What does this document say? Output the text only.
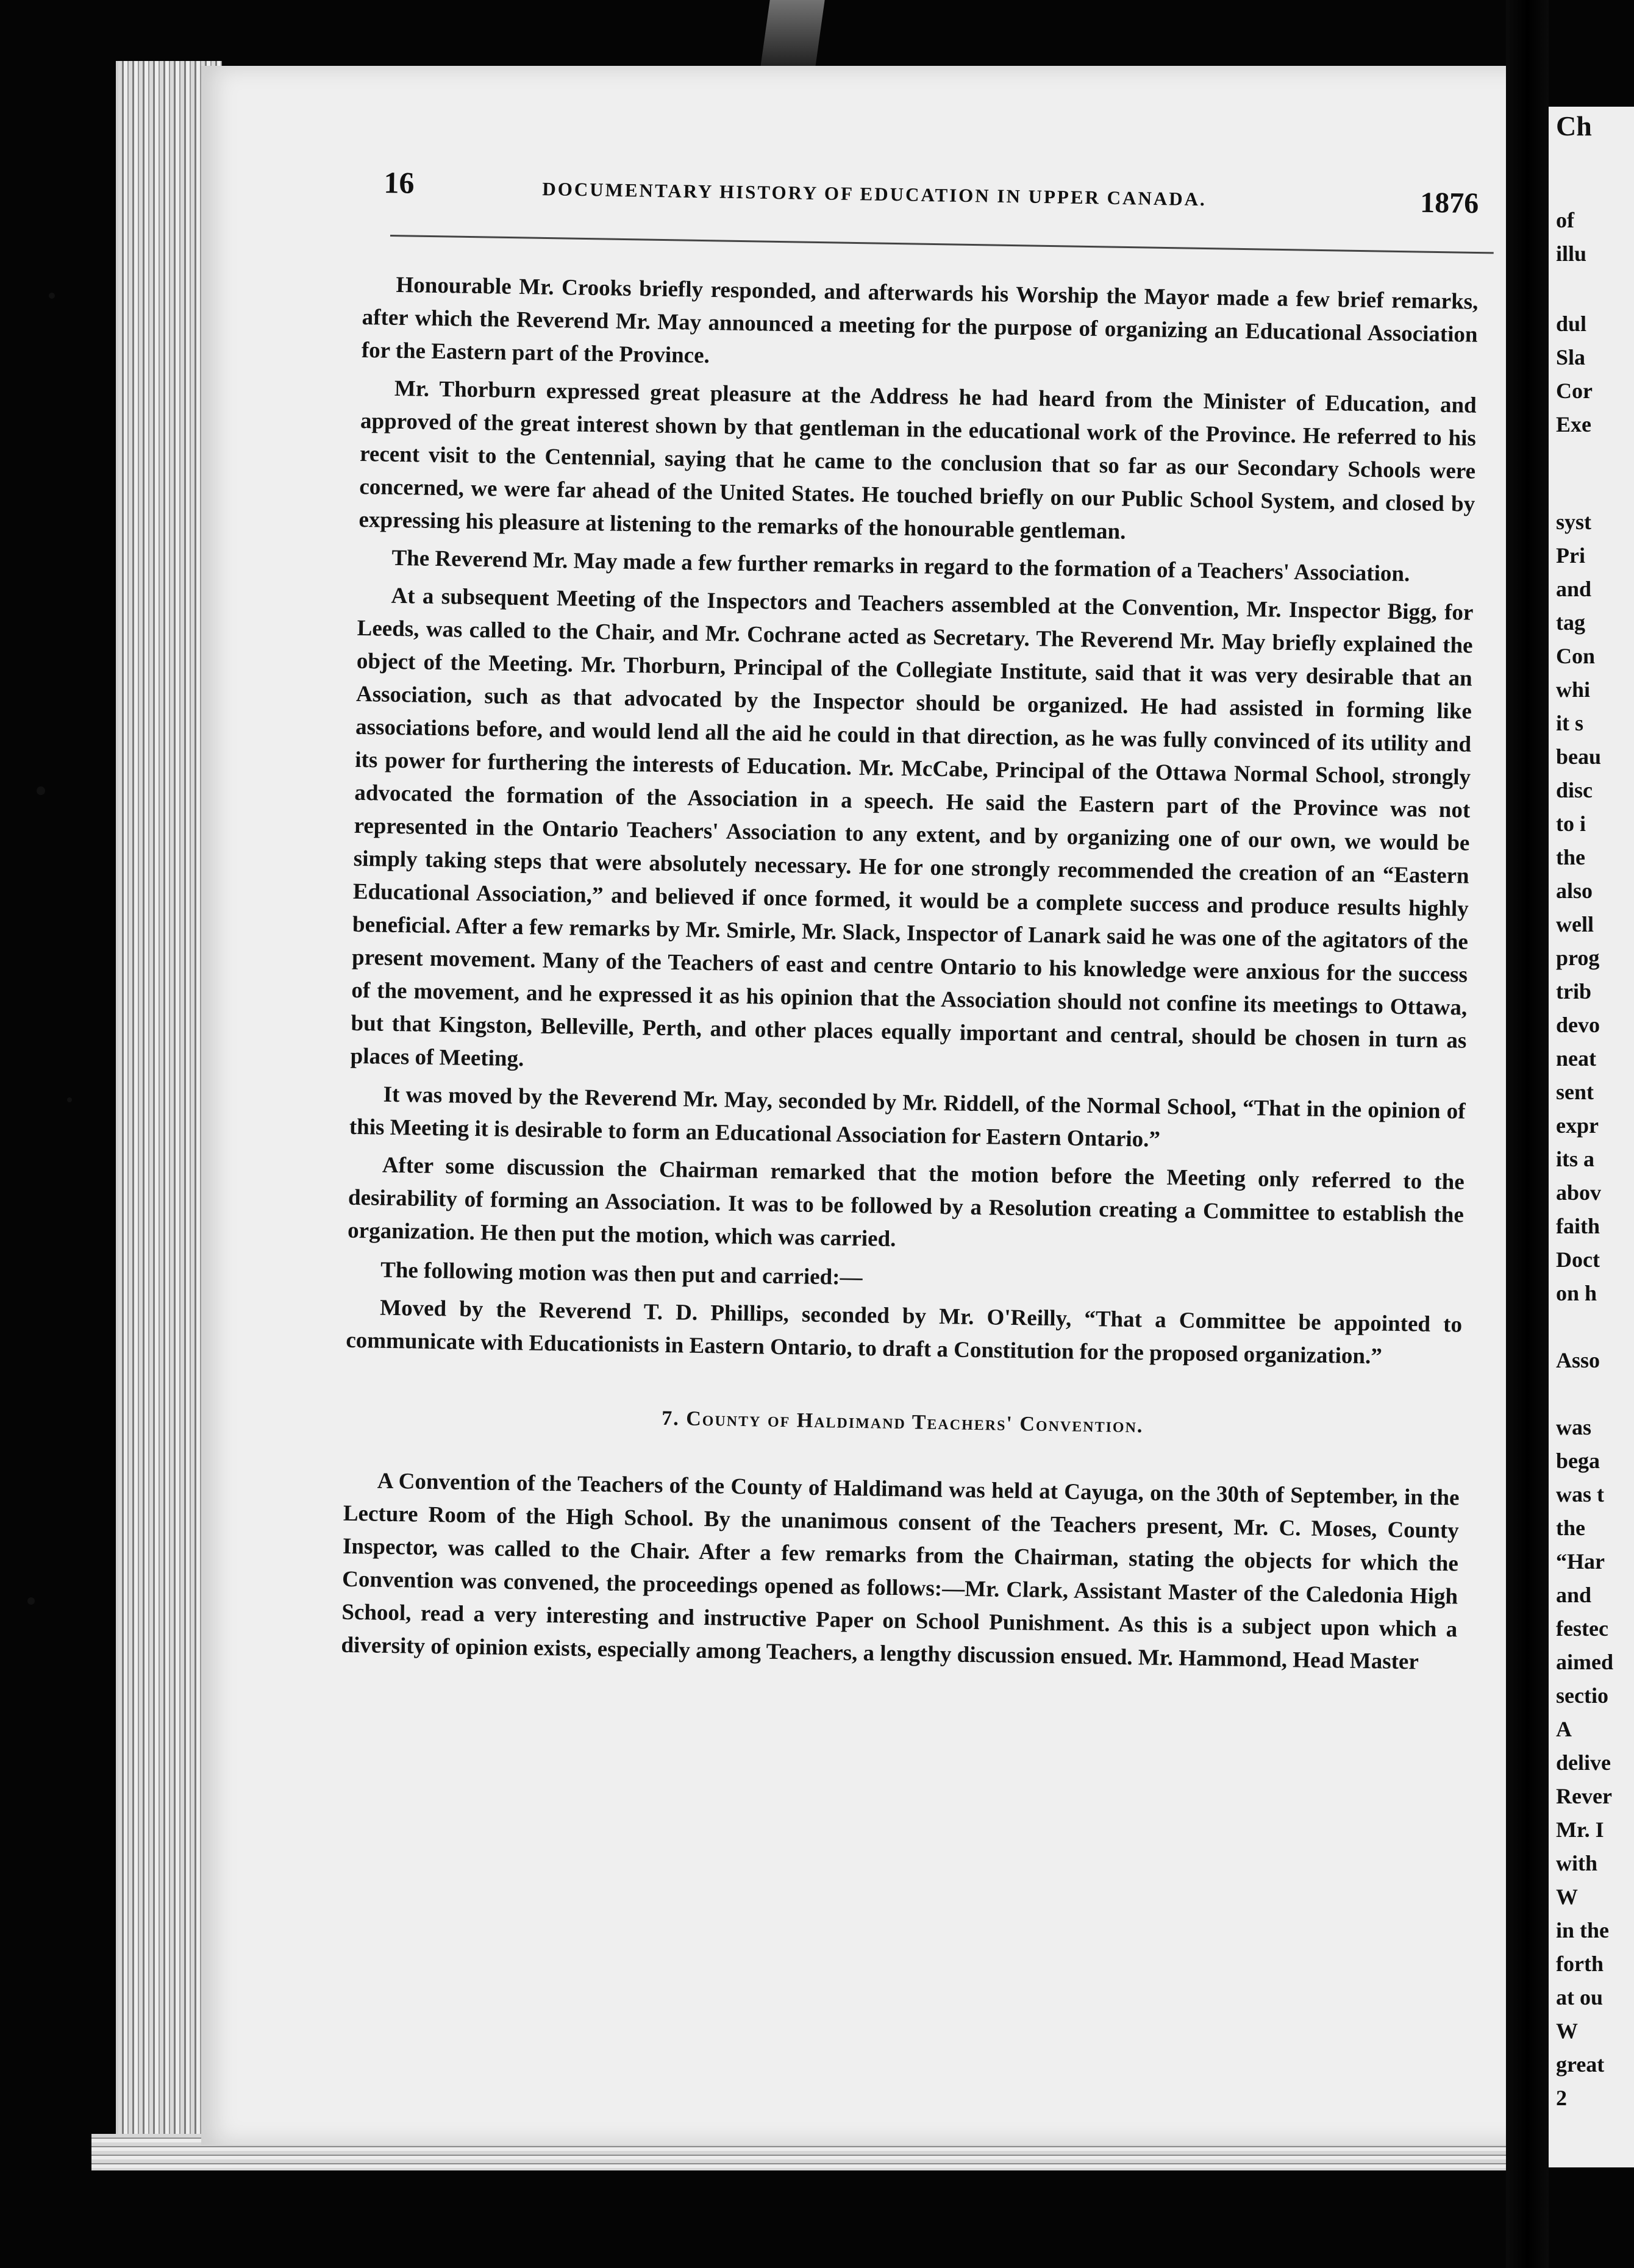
16	DOCUMENTARY HISTORY OF EDUCATION IN UPPER CANADA.	1876

Honourable Mr. Crooks briefly responded, and afterwards his Worship the Mayor made a few brief remarks, after which the Reverend Mr. May announced a meeting for the purpose of organizing an Educational Association for the Eastern part of the Province.

Mr. Thorburn expressed great pleasure at the Address he had heard from the Minister of Education, and approved of the great interest shown by that gentleman in the educational work of the Province. He referred to his recent visit to the Centennial, saying that he came to the conclusion that so far as our Secondary Schools were concerned, we were far ahead of the United States. He touched briefly on our Public School System, and closed by expressing his pleasure at listening to the remarks of the honourable gentleman.

The Reverend Mr. May made a few further remarks in regard to the formation of a Teachers' Association.

At a subsequent Meeting of the Inspectors and Teachers assembled at the Convention, Mr. Inspector Bigg, for Leeds, was called to the Chair, and Mr. Cochrane acted as Secretary. The Reverend Mr. May briefly explained the object of the Meeting. Mr. Thorburn, Principal of the Collegiate Institute, said that it was very desirable that an Association, such as that advocated by the Inspector should be organized. He had assisted in forming like associations before, and would lend all the aid he could in that direction, as he was fully convinced of its utility and its power for furthering the interests of Education. Mr. McCabe, Principal of the Ottawa Normal School, strongly advocated the formation of the Association in a speech. He said the Eastern part of the Province was not represented in the Ontario Teachers' Association to any extent, and by organizing one of our own, we would be simply taking steps that were absolutely necessary. He for one strongly recommended the creation of an “Eastern Educational Association,” and believed if once formed, it would be a complete success and produce results highly beneficial. After a few remarks by Mr. Smirle, Mr. Slack, Inspector of Lanark said he was one of the agitators of the present movement. Many of the Teachers of east and centre Ontario to his knowledge were anxious for the success of the movement, and he expressed it as his opinion that the Association should not confine its meetings to Ottawa, but that Kingston, Belleville, Perth, and other places equally important and central, should be chosen in turn as places of Meeting.

It was moved by the Reverend Mr. May, seconded by Mr. Riddell, of the Normal School, “That in the opinion of this Meeting it is desirable to form an Educational Association for Eastern Ontario.”

After some discussion the Chairman remarked that the motion before the Meeting only referred to the desirability of forming an Association. It was to be followed by a Resolution creating a Committee to establish the organization. He then put the motion, which was carried.

The following motion was then put and carried:—

Moved by the Reverend T. D. Phillips, seconded by Mr. O'Reilly, “That a Committee be appointed to communicate with Educationists in Eastern Ontario, to draft a Constitution for the proposed organization.”

7. County of Haldimand Teachers' Convention.

A Convention of the Teachers of the County of Haldimand was held at Cayuga, on the 30th of September, in the Lecture Room of the High School. By the unanimous consent of the Teachers present, Mr. C. Moses, County Inspector, was called to the Chair. After a few remarks from the Chairman, stating the objects for which the Convention was convened, the proceedings opened as follows:—Mr. Clark, Assistant Master of the Caledonia High School, read a very interesting and instructive Paper on School Punishment. As this is a subject upon which a diversity of opinion exists, especially among Teachers, a lengthy discussion ensued. Mr. Hammond, Head Master

Ch
of
illu
dul
Sla
Cor
Exe
syst
Pri
and
tag
Con
whi
it s
beau
disc
to i
the
also
well
prog
trib
devo
neat
sent
expr
its a
abov
faith
Doct
on h
Asso
was
bega
was t
the
“Har
and
festec
aimed
sectio
A
delive
Rever
Mr. I
with
W
in the
forth
at ou
W
great
2
